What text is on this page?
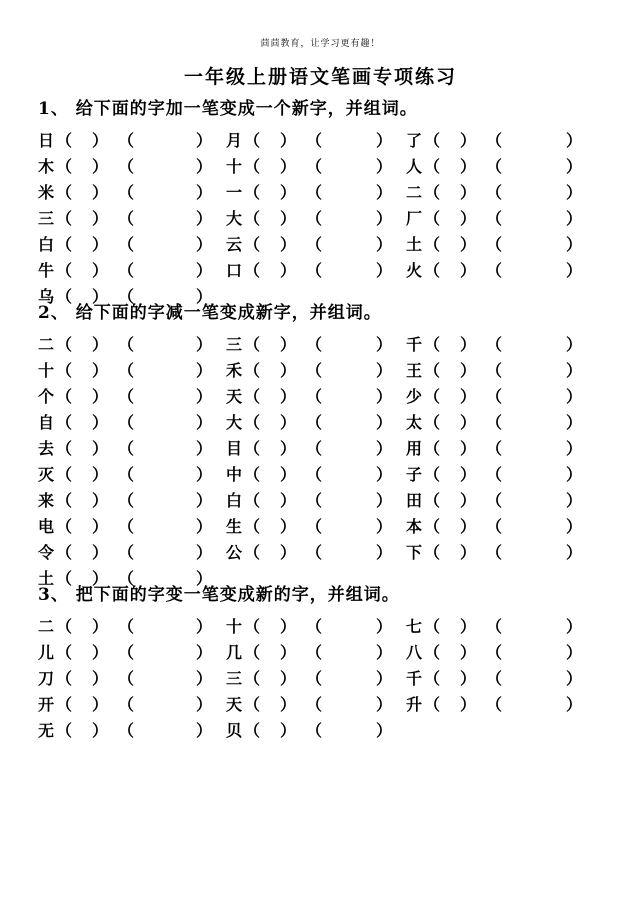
茴茴教育，让学习更有趣！
一年级上册语文笔画专项练习
1、 给下面的字加一笔变成一个新字，并组词。
日 （ ） （	） 月 （ ） （	） 了 （ ） （	）
木 （ ） （	） 十 （ ） （	） 人 （ ） （	）
米 （ ） （	） 一 （ ） （	） 二 （ ） （	）
三 （ ） （	） 大 （ ） （	） 厂 （ ） （	）
白 （ ） （	） 云 （ ） （	） 土 （ ） （	）
牛 （ ） （	） 口 （ ） （	） 火 （ ） （	）
乌 （ ） （	）
2、 给下面的字减一笔变成新字，并组词。
二 （ ） （	） 三 （ ） （	） 千 （ ） （	）
十 （ ） （	） 禾 （ ） （	） 王 （ ） （	）
个 （ ） （	） 天 （ ） （	） 少 （ ） （	）
自 （ ） （	） 大 （ ） （	） 太 （ ） （	）
去 （ ） （	） 目 （ ） （	） 用 （ ） （	）
灭 （ ） （	） 中 （ ） （	） 子 （ ） （	）
来 （ ） （	） 白 （ ） （	） 田 （ ） （	）
电 （ ） （	） 生 （ ） （	） 本 （ ） （	）
令 （ ） （	） 公 （ ） （	） 下 （ ） （	）
土 （ ） （	）
3、 把下面的字变一笔变成新的字，并组词。
二 （ ） （	） 十 （ ） （	） 七 （ ） （	）
儿 （ ） （	） 几 （ ） （	） 八 （ ） （	）
刀 （ ） （	） 三 （ ） （	） 千 （ ） （	）
开 （ ） （	） 天 （ ） （	） 升 （ ） （	）
无 （ ） （	） 贝 （ ） （	）
